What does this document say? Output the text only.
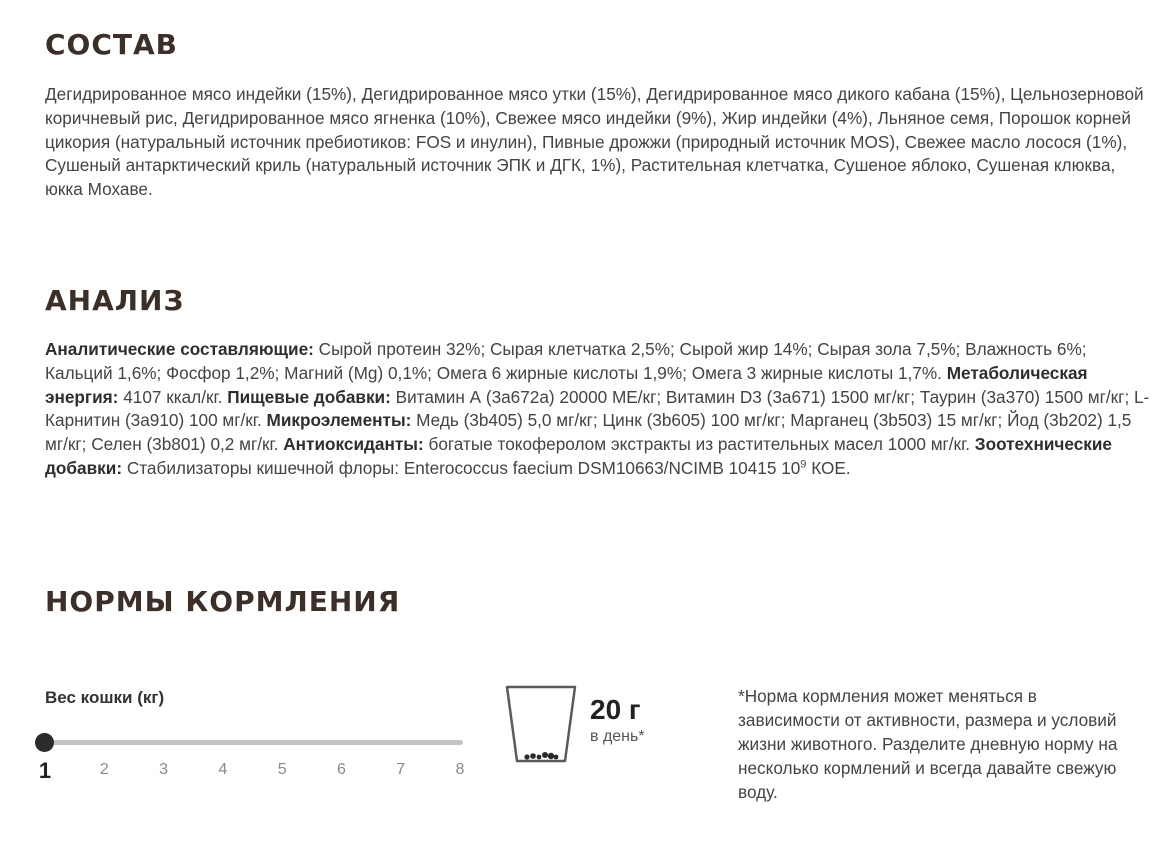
СОСТАВ

Дегидрированное мясо индейки (15%), Дегидрированное мясо утки (15%), Дегидрированное мясо дикого кабана (15%), Цельнозерновой коричневый рис, Дегидрированное мясо ягненка (10%), Свежее мясо индейки (9%), Жир индейки (4%), Льняное семя, Порошок корней цикория (натуральный источник пребиотиков: FOS и инулин), Пивные дрожжи (природный источник MOS), Свежее масло лосося (1%), Сушеный антарктический криль (натуральный источник ЭПК и ДГК, 1%), Растительная клетчатка, Сушеное яблоко, Сушеная клюква, юкка Мохаве.

АНАЛИЗ

Аналитические составляющие: Сырой протеин 32%; Сырая клетчатка 2,5%; Сырой жир 14%; Сырая зола 7,5%; Влажность 6%; Кальций 1,6%; Фосфор 1,2%; Магний (Mg) 0,1%; Омега 6 жирные кислоты 1,9%; Омега 3 жирные кислоты 1,7%. Метаболическая энергия: 4107 ккал/кг. Пищевые добавки: Витамин А (3а672а) 20000 МЕ/кг; Витамин D3 (3а671) 1500 мг/кг; Таурин (3а370) 1500 мг/кг; L-Карнитин (3а910) 100 мг/кг. Микроэлементы: Медь (3b405) 5,0 мг/кг; Цинк (3b605) 100 мг/кг; Марганец (3b503) 15 мг/кг; Йод (3b202) 1,5 мг/кг; Селен (3b801) 0,2 мг/кг. Антиоксиданты: богатые токоферолом экстракты из растительных масел 1000 мг/кг. Зоотехнические добавки: Стабилизаторы кишечной флоры: Enterococcus faecium DSM10663/NCIMB 10415 $10^9$ КОЕ.

НОРМЫ КОРМЛЕНИЯ
Вес кошки (кг)
1	2	3	4	5	6	7	8
20 г
в день*

*Норма кормления может меняться в зависимости от активности, размера и условий жизни животного. Разделите дневную норму на несколько кормлений и всегда давайте свежую воду.
